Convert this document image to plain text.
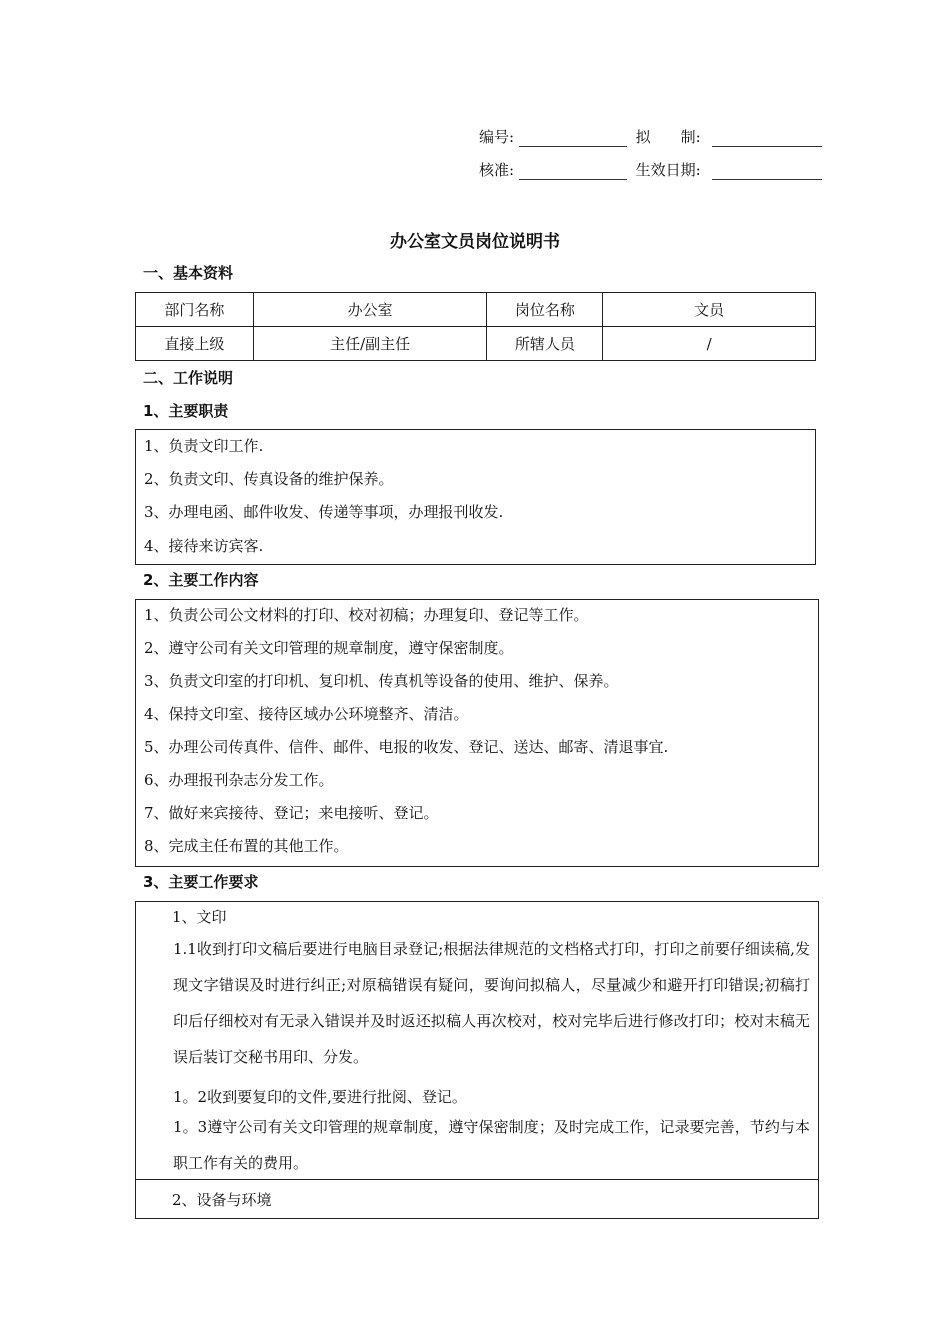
编号:	拟　　制:
核准:	生效日期:
办公室文员岗位说明书
一、基本资料
部门名称	办公室	岗位名称	文员
直接上级	主任/副主任	所辖人员	/
二、工作说明
1、主要职责
1、负责文印工作.
2、负责文印、传真设备的维护保养。
3、办理电函、邮件收发、传递等事项，办理报刊收发.
4、接待来访宾客.
2、主要工作内容
1、负责公司公文材料的打印、校对初稿；办理复印、登记等工作。
2、遵守公司有关文印管理的规章制度，遵守保密制度。
3、负责文印室的打印机、复印机、传真机等设备的使用、维护、保养。
4、保持文印室、接待区域办公环境整齐、清洁。
5、办理公司传真件、信件、邮件、电报的收发、登记、送达、邮寄、清退事宜.
6、办理报刊杂志分发工作。
7、做好来宾接待、登记；来电接听、登记。
8、完成主任布置的其他工作。
3、主要工作要求
1、文印
1.1收到打印文稿后要进行电脑目录登记;根据法律规范的文档格式打印，打印之前要仔细读稿,发现文字错误及时进行纠正;对原稿错误有疑问，要询问拟稿人，尽量减少和避开打印错误;初稿打印后仔细校对有无录入错误并及时返还拟稿人再次校对，校对完毕后进行修改打印；校对末稿无误后装订交秘书用印、分发。
1。2收到要复印的文件,要进行批阅、登记。
1。3遵守公司有关文印管理的规章制度，遵守保密制度；及时完成工作，记录要完善，节约与本职工作有关的费用。
2、设备与环境
